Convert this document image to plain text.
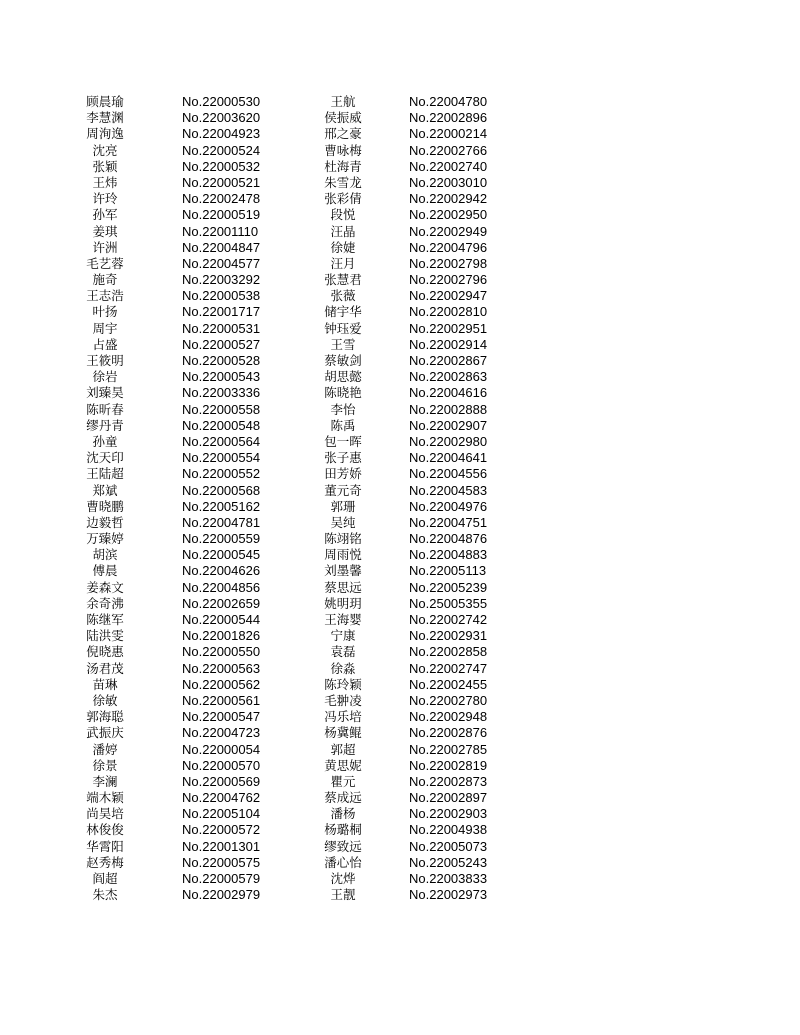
顾晨瑜	No.22000530	王航	No.22004780
李慧渊	No.22003620	侯振威	No.22002896
周洵逸	No.22004923	邢之豪	No.22000214
沈亮	No.22000524	曹咏梅	No.22002766
张颖	No.22000532	杜海青	No.22002740
王炜	No.22000521	朱雪龙	No.22003010
许玲	No.22002478	张彩倩	No.22002942
孙军	No.22000519	段悦	No.22002950
姜琪	No.22001110	汪晶	No.22002949
许洲	No.22004847	徐婕	No.22004796
毛艺蓉	No.22004577	汪月	No.22002798
施奇	No.22003292	张慧君	No.22002796
王志浩	No.22000538	张薇	No.22002947
叶扬	No.22001717	储宇华	No.22002810
周宇	No.22000531	钟珏爱	No.22002951
占盛	No.22000527	王雪	No.22002914
王筱明	No.22000528	蔡敏剑	No.22002867
徐岩	No.22000543	胡思懿	No.22002863
刘臻昊	No.22003336	陈晓艳	No.22004616
陈昕春	No.22000558	李怡	No.22002888
缪丹青	No.22000548	陈禹	No.22002907
孙童	No.22000564	包一晖	No.22002980
沈天印	No.22000554	张子惠	No.22004641
王陆超	No.22000552	田芳娇	No.22004556
郑斌	No.22000568	董元奇	No.22004583
曹晓鹏	No.22005162	郭珊	No.22004976
边毅哲	No.22004781	吴纯	No.22004751
万臻婷	No.22000559	陈翊铭	No.22004876
胡滨	No.22000545	周雨悦	No.22004883
傅晨	No.22004626	刘墨馨	No.22005113
姜森文	No.22004856	蔡思远	No.22005239
余奇沸	No.22002659	姚明玥	No.25005355
陈继军	No.22000544	王海婴	No.22002742
陆洪雯	No.22001826	宁康	No.22002931
倪晓惠	No.22000550	袁磊	No.22002858
汤君茂	No.22000563	徐淼	No.22002747
苗琳	No.22000562	陈玲颖	No.22002455
徐敏	No.22000561	毛翀凌	No.22002780
郭海聪	No.22000547	冯乐培	No.22002948
武振庆	No.22004723	杨冀鲲	No.22002876
潘婷	No.22000054	郭超	No.22002785
徐景	No.22000570	黄思妮	No.22002819
李澜	No.22000569	瞿元	No.22002873
端木颖	No.22004762	蔡成远	No.22002897
尚昊培	No.22005104	潘杨	No.22002903
林俊俊	No.22000572	杨璐桐	No.22004938
华霄阳	No.22001301	缪致远	No.22005073
赵秀梅	No.22000575	潘心怡	No.22005243
阎超	No.22000579	沈烨	No.22003833
朱杰	No.22002979	王靓	No.22002973
